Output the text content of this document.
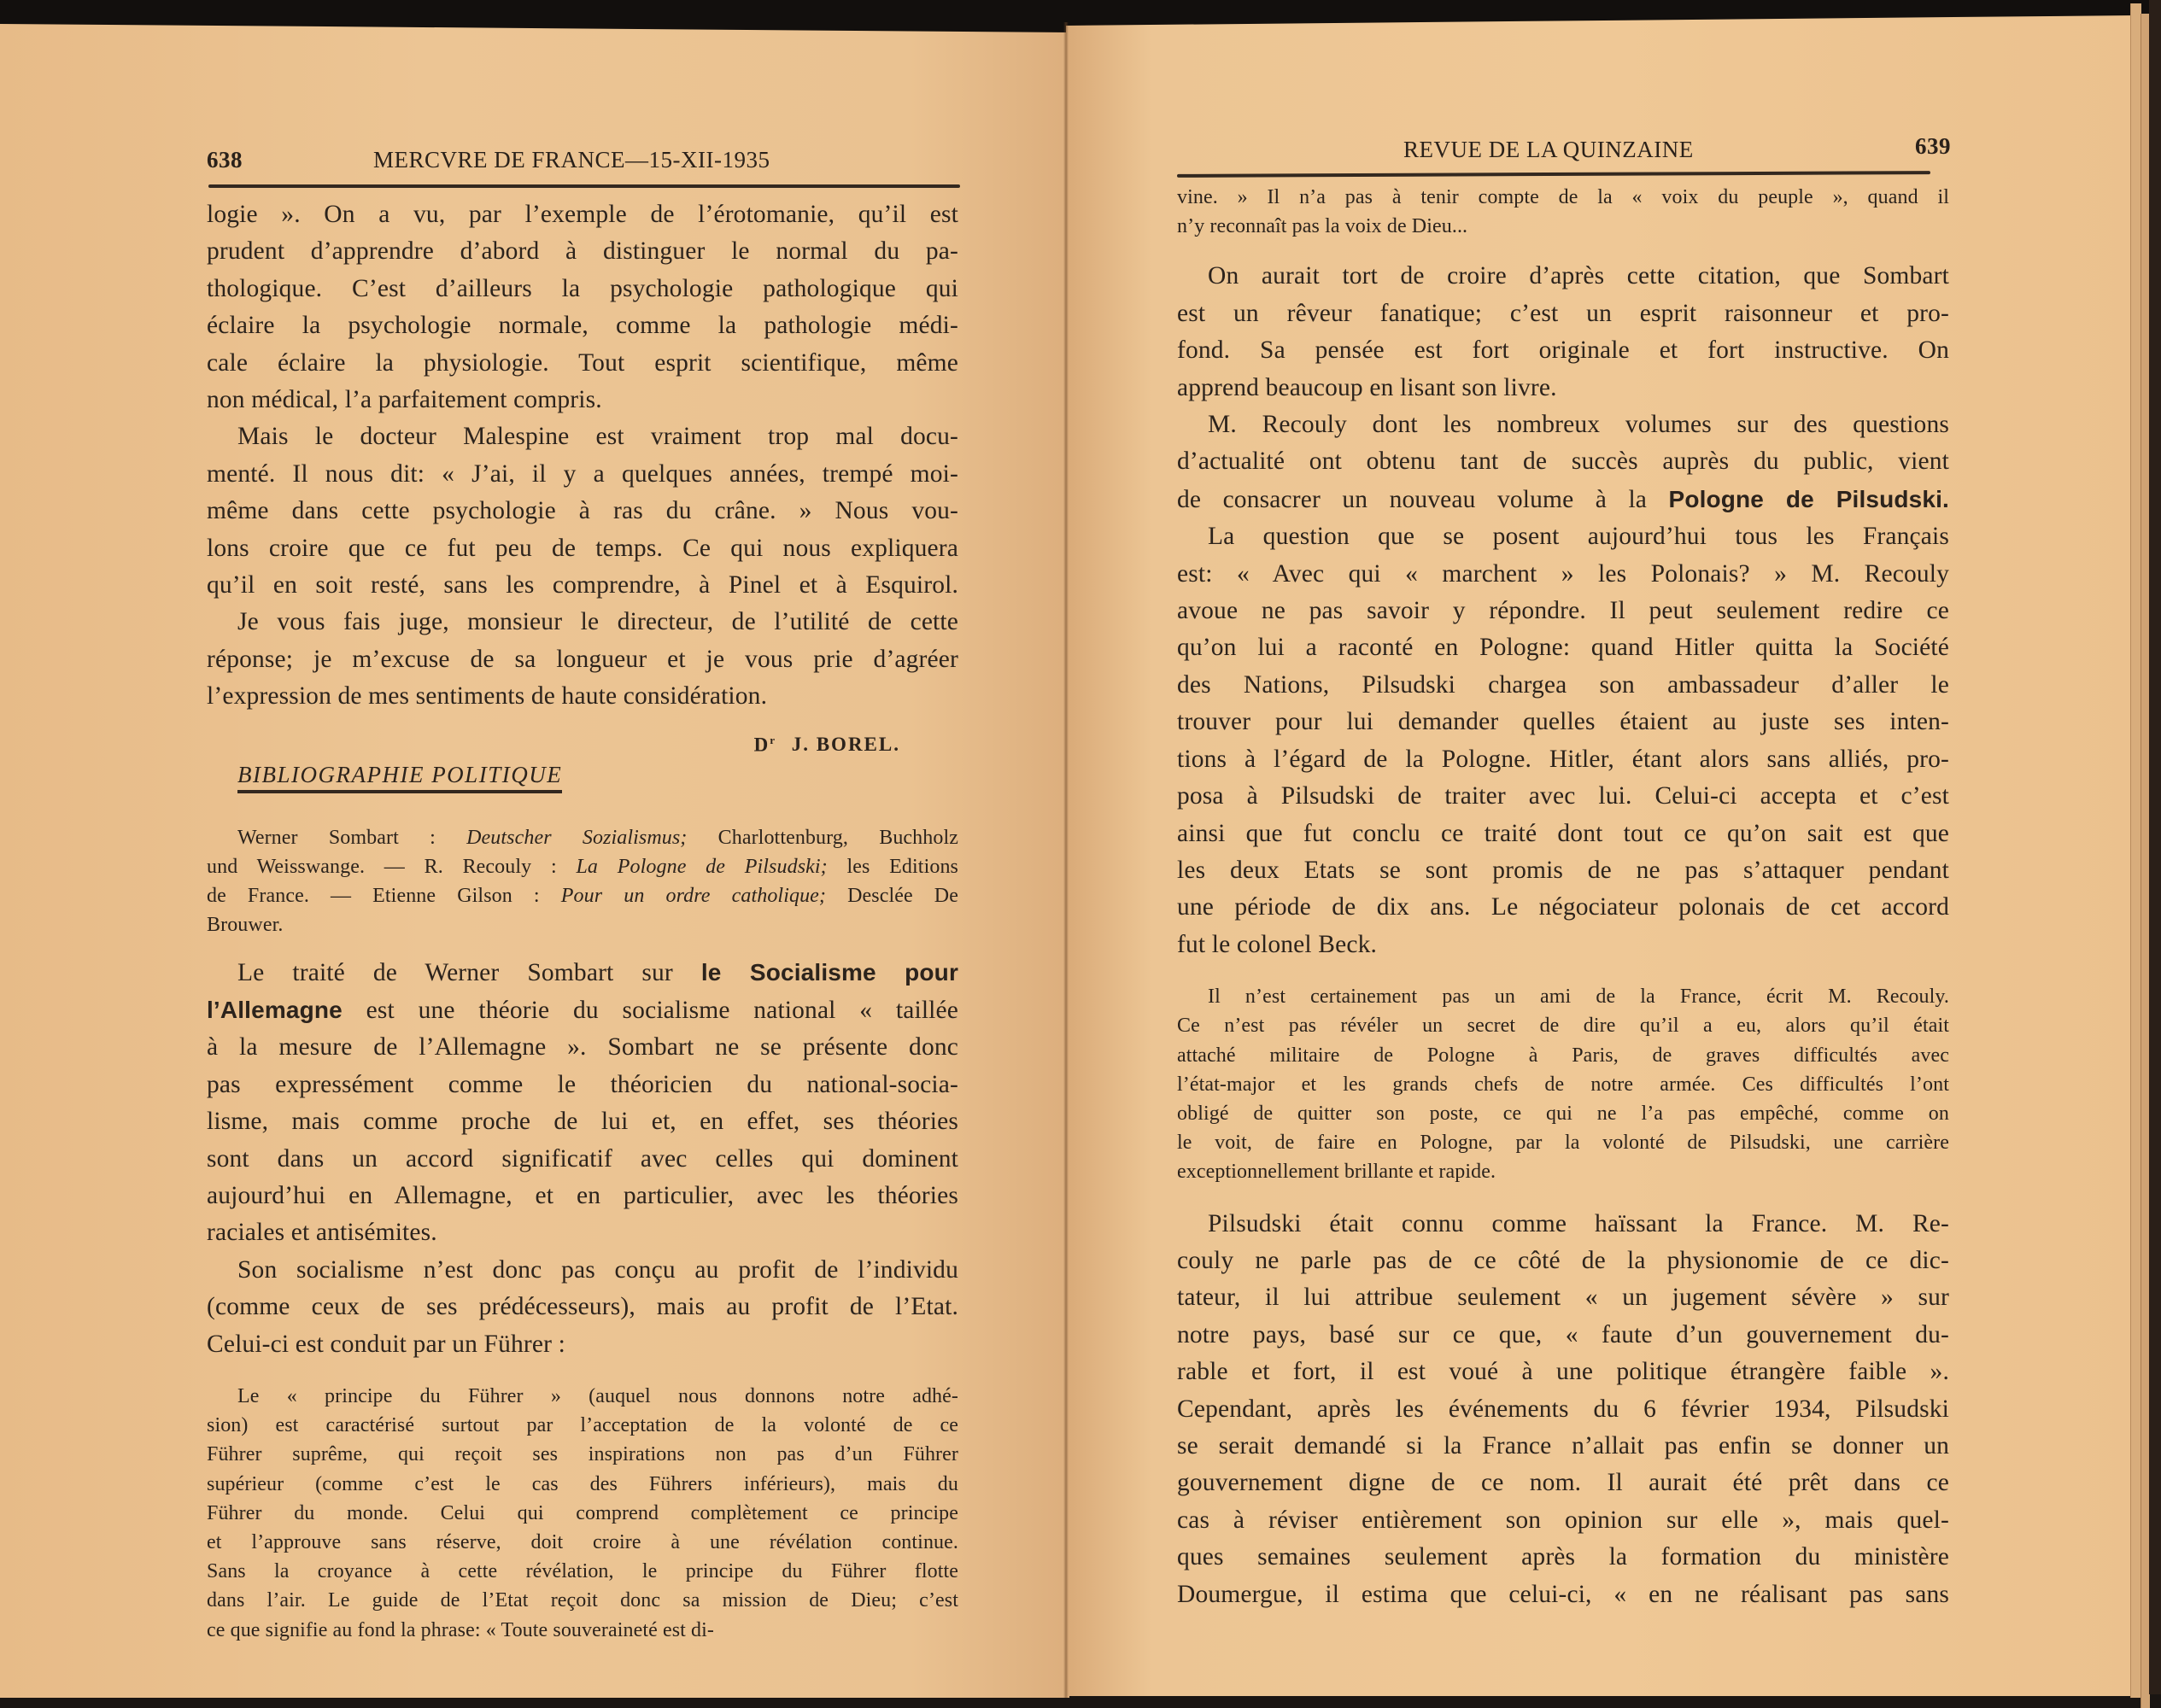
638	MERCVRE DE FRANCE—15-XII-1935

logie ». On a vu, par l’exemple de l’érotomanie, qu’il est
prudent d’apprendre d’abord à distinguer le normal du pa-
thologique. C’est d’ailleurs la psychologie pathologique qui
éclaire la psychologie normale, comme la pathologie médi-
cale éclaire la physiologie. Tout esprit scientifique, même
non médical, l’a parfaitement compris.

Mais le docteur Malespine est vraiment trop mal docu-
menté. Il nous dit: « J’ai, il y a quelques années, trempé moi-
même dans cette psychologie à ras du crâne. » Nous vou-
lons croire que ce fut peu de temps. Ce qui nous expliquera
qu’il en soit resté, sans les comprendre, à Pinel et à Esquirol.

Je vous fais juge, monsieur le directeur, de l’utilité de cette
réponse; je m’excuse de sa longueur et je vous prie d’agréer
l’expression de mes sentiments de haute considération.

$D^r$ J. BOREL.
BIBLIOGRAPHIE POLITIQUE
Werner Sombart : Deutscher Sozialismus; Charlottenburg, Buchholz
und Weisswange. — R. Recouly : La Pologne de Pilsudski; les Editions
de France. — Etienne Gilson : Pour un ordre catholique; Desclée De
Brouwer.
Le traité de Werner Sombart sur le Socialisme pour
l’Allemagne est une théorie du socialisme national « taillée
à la mesure de l’Allemagne ». Sombart ne se présente donc
pas expressément comme le théoricien du national-socia-
lisme, mais comme proche de lui et, en effet, ses théories
sont dans un accord significatif avec celles qui dominent
aujourd’hui en Allemagne, et en particulier, avec les théories
raciales et antisémites.

Son socialisme n’est donc pas conçu au profit de l’individu
(comme ceux de ses prédécesseurs), mais au profit de l’Etat.
Celui-ci est conduit par un Führer :

Le « principe du Führer » (auquel nous donnons notre adhé-
sion) est caractérisé surtout par l’acceptation de la volonté de ce
Führer suprême, qui reçoit ses inspirations non pas d’un Führer
supérieur (comme c’est le cas des Führers inférieurs), mais du
Führer du monde. Celui qui comprend complètement ce principe
et l’approuve sans réserve, doit croire à une révélation continue.
Sans la croyance à cette révélation, le principe du Führer flotte
dans l’air. Le guide de l’Etat reçoit donc sa mission de Dieu; c’est
ce que signifie au fond la phrase: « Toute souveraineté est di-

REVUE DE LA QUINZAINE	639

vine. » Il n’a pas à tenir compte de la « voix du peuple », quand il
n’y reconnaît pas la voix de Dieu...

On aurait tort de croire d’après cette citation, que Sombart
est un rêveur fanatique; c’est un esprit raisonneur et pro-
fond. Sa pensée est fort originale et fort instructive. On
apprend beaucoup en lisant son livre.

M. Recouly dont les nombreux volumes sur des questions
d’actualité ont obtenu tant de succès auprès du public, vient
de consacrer un nouveau volume à la Pologne de Pilsudski.

La question que se posent aujourd’hui tous les Français
est: « Avec qui « marchent » les Polonais? » M. Recouly
avoue ne pas savoir y répondre. Il peut seulement redire ce
qu’on lui a raconté en Pologne: quand Hitler quitta la Société
des Nations, Pilsudski chargea son ambassadeur d’aller le
trouver pour lui demander quelles étaient au juste ses inten-
tions à l’égard de la Pologne. Hitler, étant alors sans alliés, pro-
posa à Pilsudski de traiter avec lui. Celui-ci accepta et c’est
ainsi que fut conclu ce traité dont tout ce qu’on sait est que
les deux Etats se sont promis de ne pas s’attaquer pendant
une période de dix ans. Le négociateur polonais de cet accord
fut le colonel Beck.

Il n’est certainement pas un ami de la France, écrit M. Recouly.
Ce n’est pas révéler un secret de dire qu’il a eu, alors qu’il était
attaché militaire de Pologne à Paris, de graves difficultés avec
l’état-major et les grands chefs de notre armée. Ces difficultés l’ont
obligé de quitter son poste, ce qui ne l’a pas empêché, comme on
le voit, de faire en Pologne, par la volonté de Pilsudski, une carrière
exceptionnellement brillante et rapide.

Pilsudski était connu comme haïssant la France. M. Re-
couly ne parle pas de ce côté de la physionomie de ce dic-
tateur, il lui attribue seulement « un jugement sévère » sur
notre pays, basé sur ce que, « faute d’un gouvernement du-
rable et fort, il est voué à une politique étrangère faible ».
Cependant, après les événements du 6 février 1934, Pilsudski
se serait demandé si la France n’allait pas enfin se donner un
gouvernement digne de ce nom. Il aurait été prêt dans ce
cas à réviser entièrement son opinion sur elle », mais quel-
ques semaines seulement après la formation du ministère
Doumergue, il estima que celui-ci, « en ne réalisant pas sans
